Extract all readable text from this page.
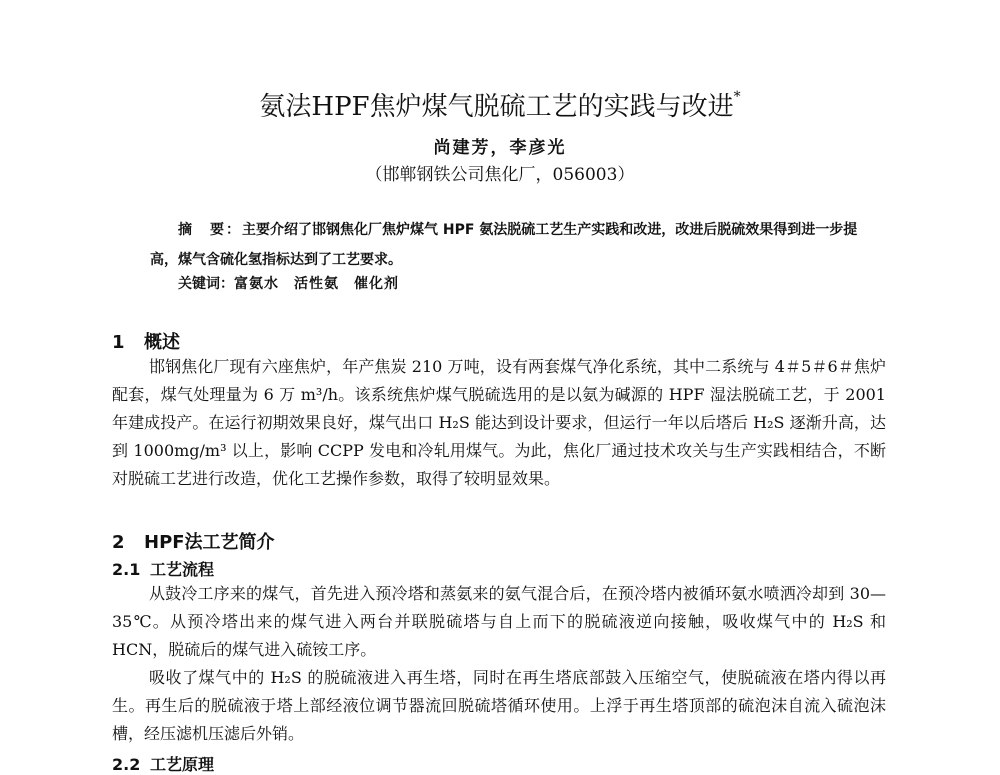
氨法HPF焦炉煤气脱硫工艺的实践与改进*
尚建芳，李彦光
（邯郸钢铁公司焦化厂，056003）
摘　要：主要介绍了邯钢焦化厂焦炉煤气 HPF 氨法脱硫工艺生产实践和改进，改进后脱硫效果得到进一步提高，煤气含硫化氢指标达到了工艺要求。
关键词：富氨水　活性氨　催化剂
1 概述
邯钢焦化厂现有六座焦炉，年产焦炭 210 万吨，设有两套煤气净化系统，其中二系统与 4＃5＃6＃焦炉配套，煤气处理量为 6 万 m³/h。该系统焦炉煤气脱硫选用的是以氨为碱源的 HPF 湿法脱硫工艺，于 2001 年建成投产。在运行初期效果良好，煤气出口 H₂S 能达到设计要求，但运行一年以后塔后 H₂S 逐渐升高，达到 1000mg/m³ 以上，影响 CCPP 发电和冷轧用煤气。为此，焦化厂通过技术攻关与生产实践相结合，不断对脱硫工艺进行改造，优化工艺操作参数，取得了较明显效果。
2 HPF法工艺简介
2.1 工艺流程
从鼓冷工序来的煤气，首先进入预冷塔和蒸氨来的氨气混合后，在预冷塔内被循环氨水喷洒冷却到 30—35℃。从预冷塔出来的煤气进入两台并联脱硫塔与自上而下的脱硫液逆向接触，吸收煤气中的 H₂S 和 HCN，脱硫后的煤气进入硫铵工序。
吸收了煤气中的 H₂S 的脱硫液进入再生塔，同时在再生塔底部鼓入压缩空气，使脱硫液在塔内得以再生。再生后的脱硫液于塔上部经液位调节器流回脱硫塔循环使用。上浮于再生塔顶部的硫泡沫自流入硫泡沫槽，经压滤机压滤后外销。
2.2 工艺原理
